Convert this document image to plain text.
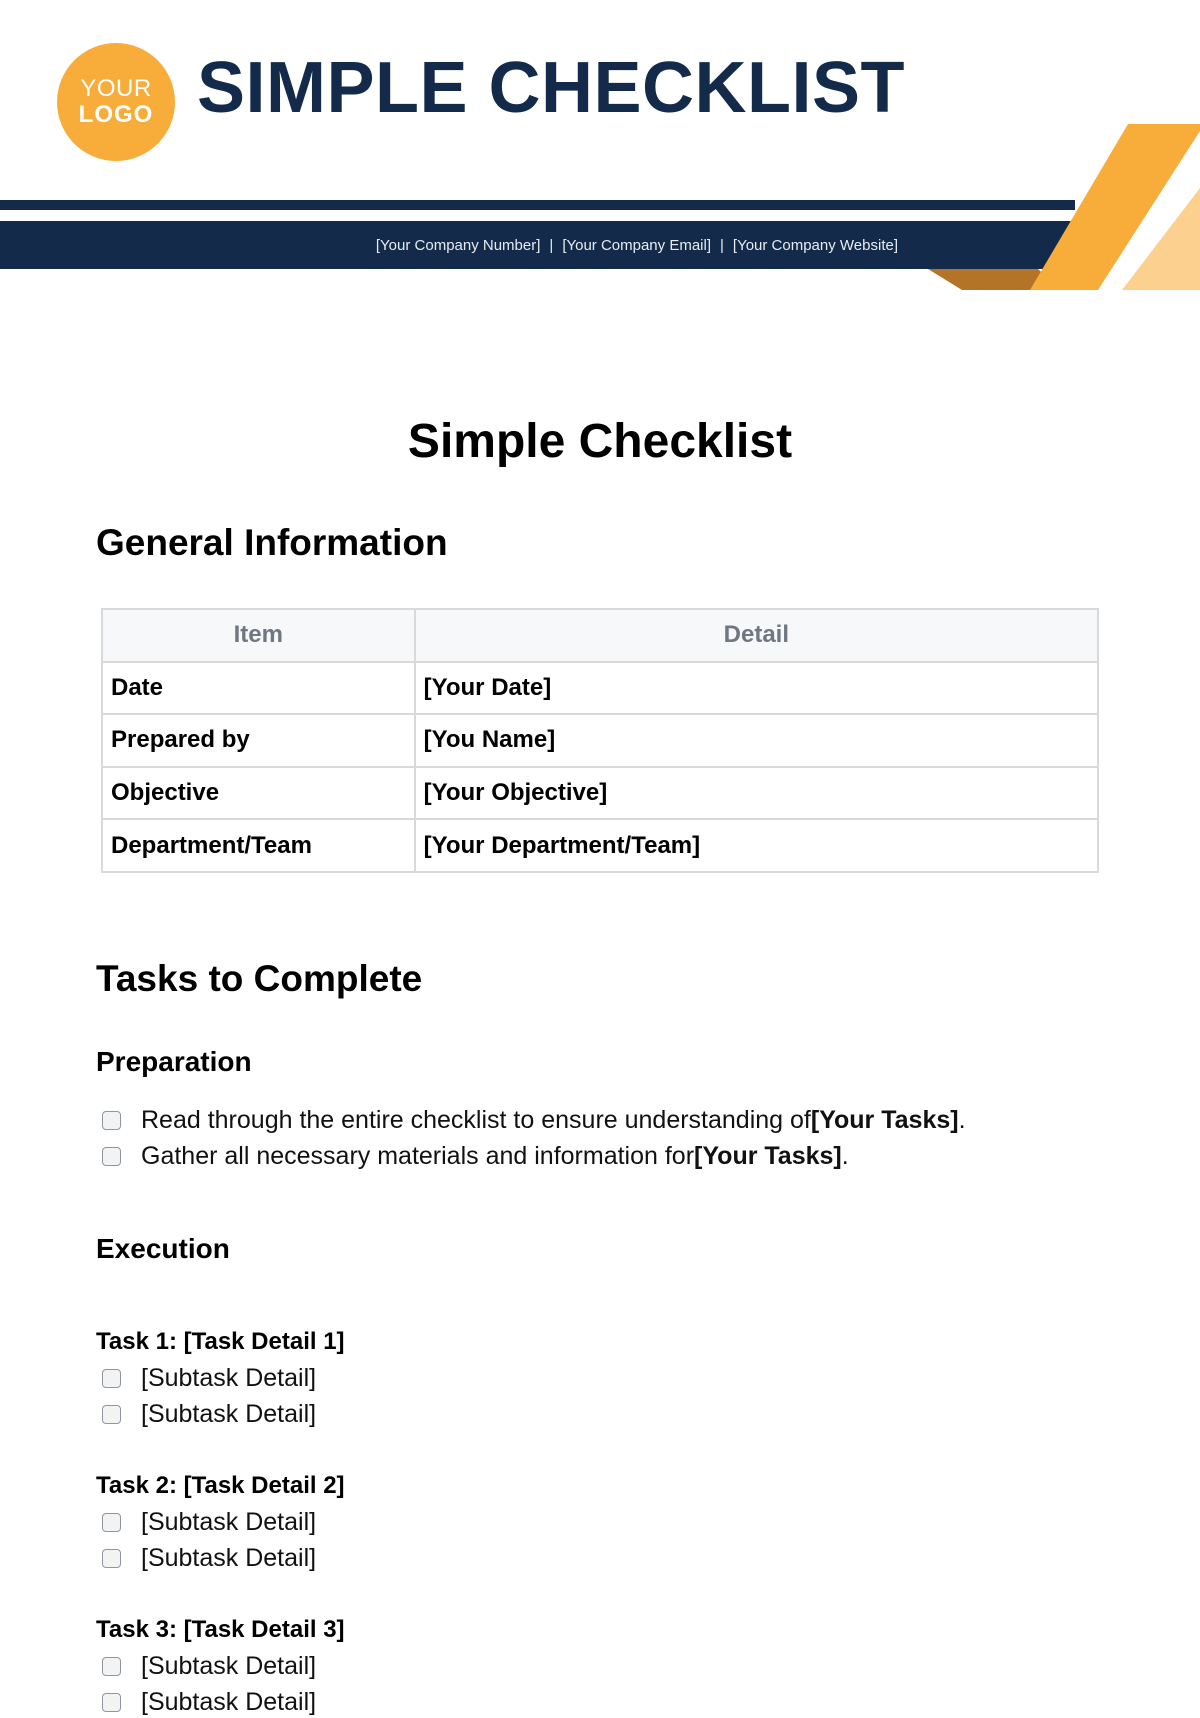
YOUR
LOGO SIMPLE CHECKLIST
[Your Company Number] | [Your Company Email] | [Your Company Website]
Simple Checklist
General Information
Item	Detail
Date	[Your Date]
Prepared by	[You Name]
Objective	[Your Objective]
Department/Team	[Your Department/Team]
Tasks to Complete
Preparation
Read through the entire checklist to ensure understanding of [Your Tasks] .
Gather all necessary materials and information for [Your Tasks] .
Execution
Task 1: [Task Detail 1]
[Subtask Detail]
[Subtask Detail]
Task 2: [Task Detail 2]
[Subtask Detail]
[Subtask Detail]
Task 3: [Task Detail 3]
[Subtask Detail]
[Subtask Detail]
